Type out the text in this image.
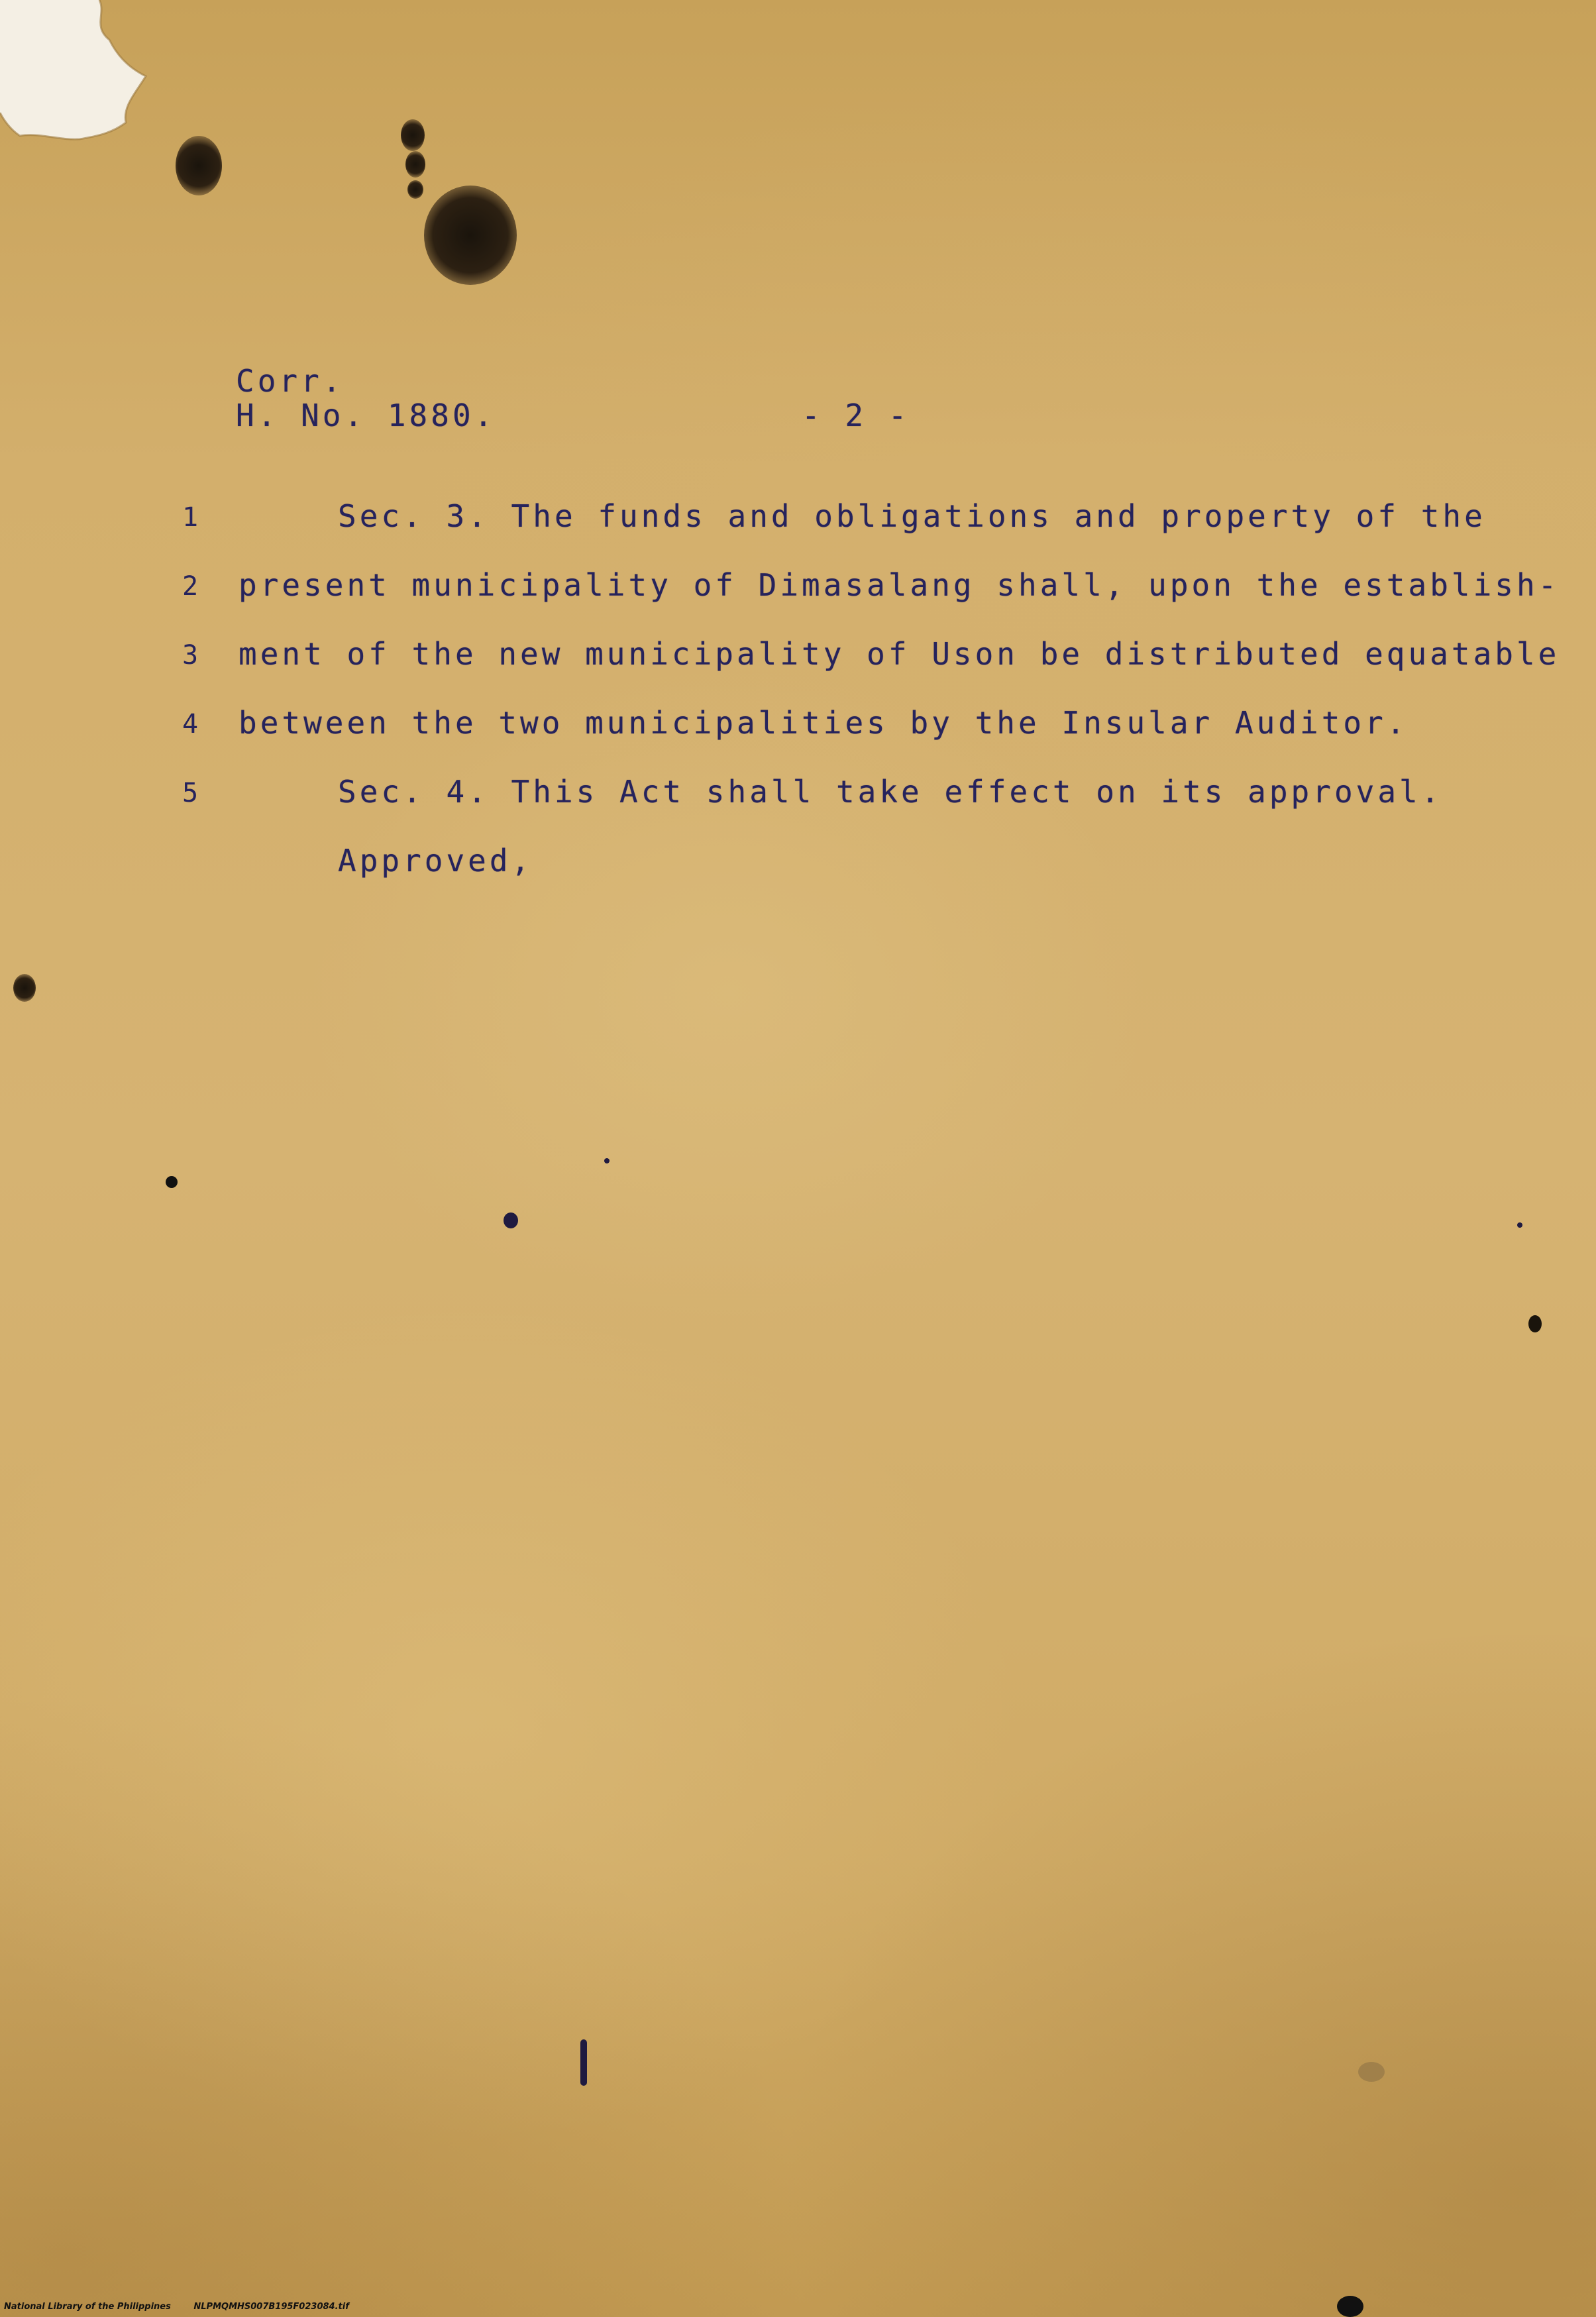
Corr.
H. No. 1880.	- 2 -
1	Sec. 3. The funds and obligations and property of the
2	present municipality of Dimasalang shall, upon the establish-
3	ment of the new municipality of Uson be distributed equatable
4	between the two municipalities by the Insular Auditor.
5	Sec. 4. This Act shall take effect on its approval.
Approved,
National Library of the Philippines	NLPMQMHS007B195F023084.tif
